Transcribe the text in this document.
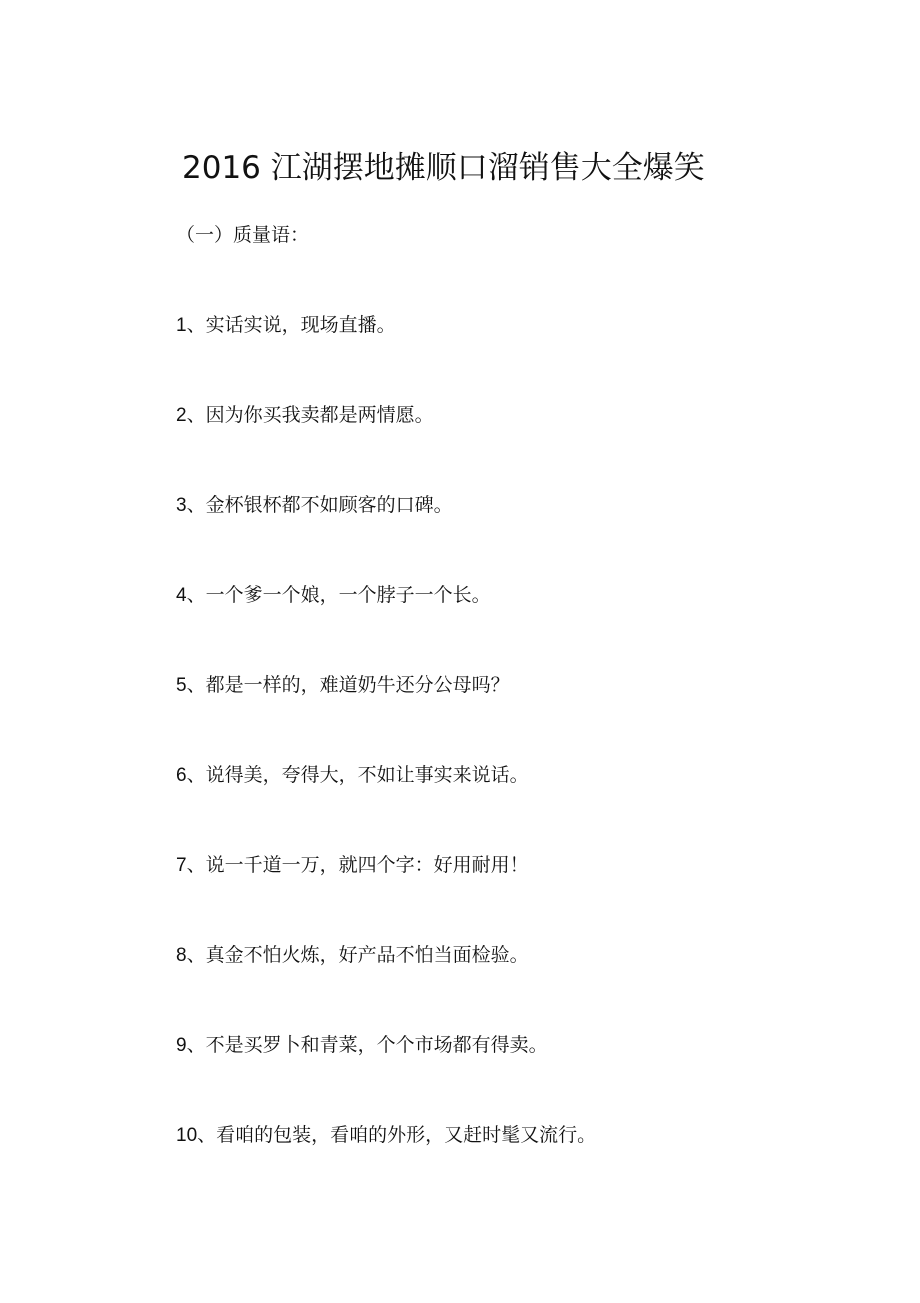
2016 江湖摆地摊顺口溜销售大全爆笑
（一）质量语：
1、实话实说，现场直播。
2、因为你买我卖都是两情愿。
3、金杯银杯都不如顾客的口碑。
4、一个爹一个娘，一个脖子一个长。
5、都是一样的，难道奶牛还分公母吗？
6、说得美，夸得大，不如让事实来说话。
7、说一千道一万，就四个字：好用耐用！
8、真金不怕火炼，好产品不怕当面检验。
9、不是买罗卜和青菜，个个市场都有得卖。
10、看咱的包装，看咱的外形，又赶时髦又流行。
